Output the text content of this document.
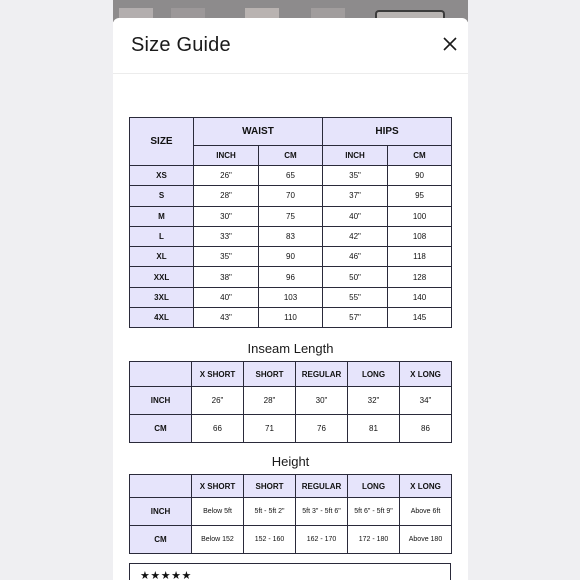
Size Guide
SIZE	WAIST		HIPS	
	INCH	CM	INCH	CM
XS	26"	65	35"	90
S	28"	70	37"	95
M	30"	75	40"	100
L	33"	83	42"	108
XL	35"	90	46"	118
XXL	38"	96	50"	128
3XL	40"	103	55"	140
4XL	43"	110	57"	145
Inseam Length
	X SHORT	SHORT	REGULAR	LONG	X LONG
INCH	26"	28"	30"	32"	34"
CM	66	71	76	81	86
Height
	X SHORT	SHORT	REGULAR	LONG	X LONG
INCH	Below 5ft	5ft - 5ft 2"	5ft 3" - 5ft 6"	5ft 6" - 5ft 9"	Above 6ft
CM	Below 152	152 - 160	162 - 170	172 - 180	Above 180
★★★★★
